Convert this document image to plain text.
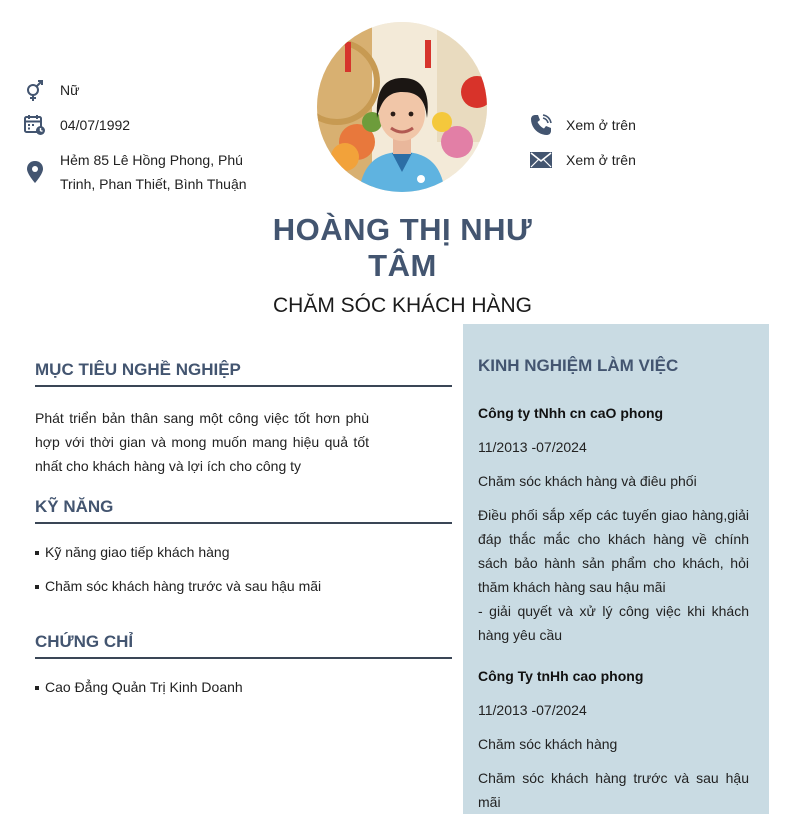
Nữ
04/07/1992
Hẻm 85 Lê Hồng Phong, Phú
Trinh, Phan Thiết, Bình Thuận
Xem ở trên
Xem ở trên
HOÀNG THỊ NHƯ
TÂM
CHĂM SÓC KHÁCH HÀNG
MỤC TIÊU NGHỀ NGHIỆP
Phát triển bản thân sang một công việc tốt hơn phù hợp với thời gian và mong muốn mang hiệu quả tốt nhất cho khách hàng và lợi ích cho công ty
KỸ NĂNG
Kỹ năng giao tiếp khách hàng
Chăm sóc khách hàng trước và sau hậu mãi
CHỨNG CHỈ
Cao Đẳng Quản Trị Kinh Doanh
KINH NGHIỆM LÀM VIỆC
Công ty tNhh cn caO phong
11/2013 -07/2024
Chăm sóc khách hàng và điêu phối
Điều phối sắp xếp các tuyến giao hàng,giải đáp thắc mắc cho khách hàng về chính sách bảo hành sản phẩm cho khách, hỏi thăm khách hàng sau hậu mãi
- giải quyết và xử lý công việc khi khách hàng yêu cầu
Công Ty tnHh cao phong
11/2013 -07/2024
Chăm sóc khách hàng
Chăm sóc khách hàng trước và sau hậu mãi
